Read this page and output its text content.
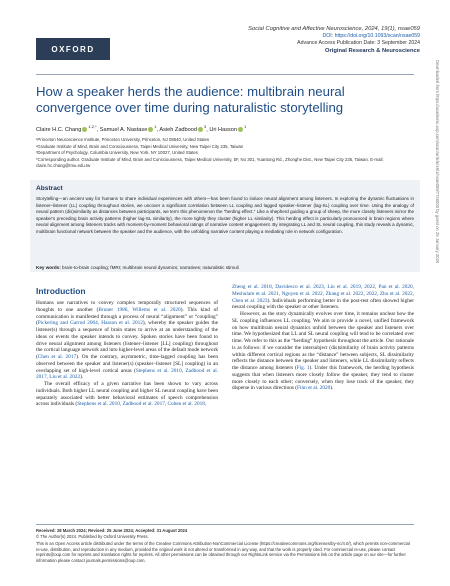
OXFORD
Social Cognitive and Affective Neuroscience, 2024, 19(1), nsae059
DOI: https://doi.org/10.1093/scan/nsae059
Advance Access Publication Date: 3 September 2024
Original Research & Neuroscience
How a speaker herds the audience: multibrain neural convergence over time during naturalistic storytelling
Claire H.C. Chang$^{1,2,*}$, Samuel A. Nastase$^1$, Asieh Zadbood$^3$, Uri Hasson$^1$
¹Princeton Neuroscience Institute, Princeton University, Princeton, NJ 08540, United States
²Graduate Institute of Mind, Brain and Consciousness, Taipei Medical University, New Taipei City 235, Taiwan
³Department of Psychology, Columbia University, New York, NY 10027, United States
*Corresponding author. Graduate Institute of Mind, Brain and Consciousness, Taipei Medical University, 5F, No 301, Yuantong Rd., Zhonghe Dist., New Taipei City 235, Taiwan. E-mail: claire.hc.chang@tmu.edu.tw
Abstract
Storytelling—an ancient way for humans to share individual experiences with others—has been found to induce neural alignment among listeners. In exploring the dynamic fluctuations in listener–listener (LL) coupling throughout stories, we uncover a significant correlation between LL coupling and lagged speaker–listener (lag-SL) coupling over time. Using the analogy of neural pattern (dis)similarity as distances between participants, we term this phenomenon the “herding effect.” Like a shepherd guiding a group of sheep, the more closely listeners mirror the speaker's preceding brain activity patterns (higher lag-SL similarity), the more tightly they cluster (higher LL similarity). This herding effect is particularly pronounced in brain regions where neural alignment among listeners tracks with moment-by-moment behavioral ratings of narrative content engagement. By integrating LL and SL neural coupling, this study reveals a dynamic, multibrain functional network between the speaker and the audience, with the unfolding narrative content playing a mediating role in network configuration.
Key words: brain-to-brain coupling; fMRI; multibrain neural dynamics; narratives; naturalistic stimuli
Introduction

Humans use narratives to convey complex temporally structured sequences of thoughts to one another (Bruner 1986, Willems et al. 2020). This kind of communication is manifested through a process of neural “alignment” or “coupling” (Pickering and Garrod 2004, Hasson et al. 2012), whereby the speaker guides the listener(s) through a sequence of brain states to arrive at an understanding of the ideas or events the speaker intends to convey. Spoken stories have been found to drive neural alignment among listeners (listener–listener [LL] coupling) throughout the cortical language network and into higher-level areas of the default mode network (Chen et al. 2017). On the contrary, asymmetric, time-lagged coupling has been observed between the speaker and listener(s) (speaker–listener [SL] coupling) in an overlapping set of high-level cortical areas (Stephens et al. 2010, Zadbood et al. 2017, Liu et al. 2022).

The overall efficacy of a given narrative has been shown to vary across individuals. Both higher LL neural coupling and higher SL neural coupling have been separately associated with better behavioral estimates of speech comprehension across individuals (Stephens et al. 2010, Zadbood et al. 2017, Cohen et al. 2018,

Zheng et al. 2018, Davidesco et al. 2023, Liu et al. 2019, 2022, Pan et al. 2020, Meshulam et al. 2021, Nguyen et al. 2022, Zhang et al. 2022, 2022, Zhu et al. 2022, Chen et al. 2023). Individuals performing better in the post-test often showed higher neural coupling with the speaker or other listeners.

However, as the story dynamically evolves over time, it remains unclear how the SL coupling influences LL coupling. We aim to provide a novel, unified framework on how multibrain neural dynamics unfold between the speaker and listeners over time. We hypothesized that LL and SL neural coupling will tend to be correlated over time. We refer to this as the “herding” hypothesis throughout the article. Our rationale is as follows: if we consider the intersubject (dis)similarity of brain activity patterns within different cortical regions as the “distance” between subjects, SL dissimilarity reflects the distance between the speaker and listeners, while LL dissimilarity reflects the distance among listeners (Fig. 1). Under this framework, the herding hypothesis suggests that when listeners more closely follow the speaker, they tend to cluster more closely to each other; conversely, when they lose track of the speaker, they disperse in various directions (Finn et al. 2020).

Downloaded from https://academic.oup.com/scan/article/19/1/nsae059/7746000 by guest on 25 January 2026
Received: 28 March 2024; Revised: 25 June 2024; Accepted: 31 August 2024
© The Author(s) 2024. Published by Oxford University Press.
This is an Open Access article distributed under the terms of the Creative Commons Attribution-NonCommercial License (https://creativecommons.org/licenses/by-nc/4.0/), which permits non-commercial re-use, distribution, and reproduction in any medium, provided the original work is not altered or transformed in any way, and that the work is properly cited. For commercial re-use, please contact reprints@oup.com for reprints and translation rights for reprints. All other permissions can be obtained through our RightsLink service via the Permissions link on the article page on our site—for further information please contact journals.permissions@oup.com.
